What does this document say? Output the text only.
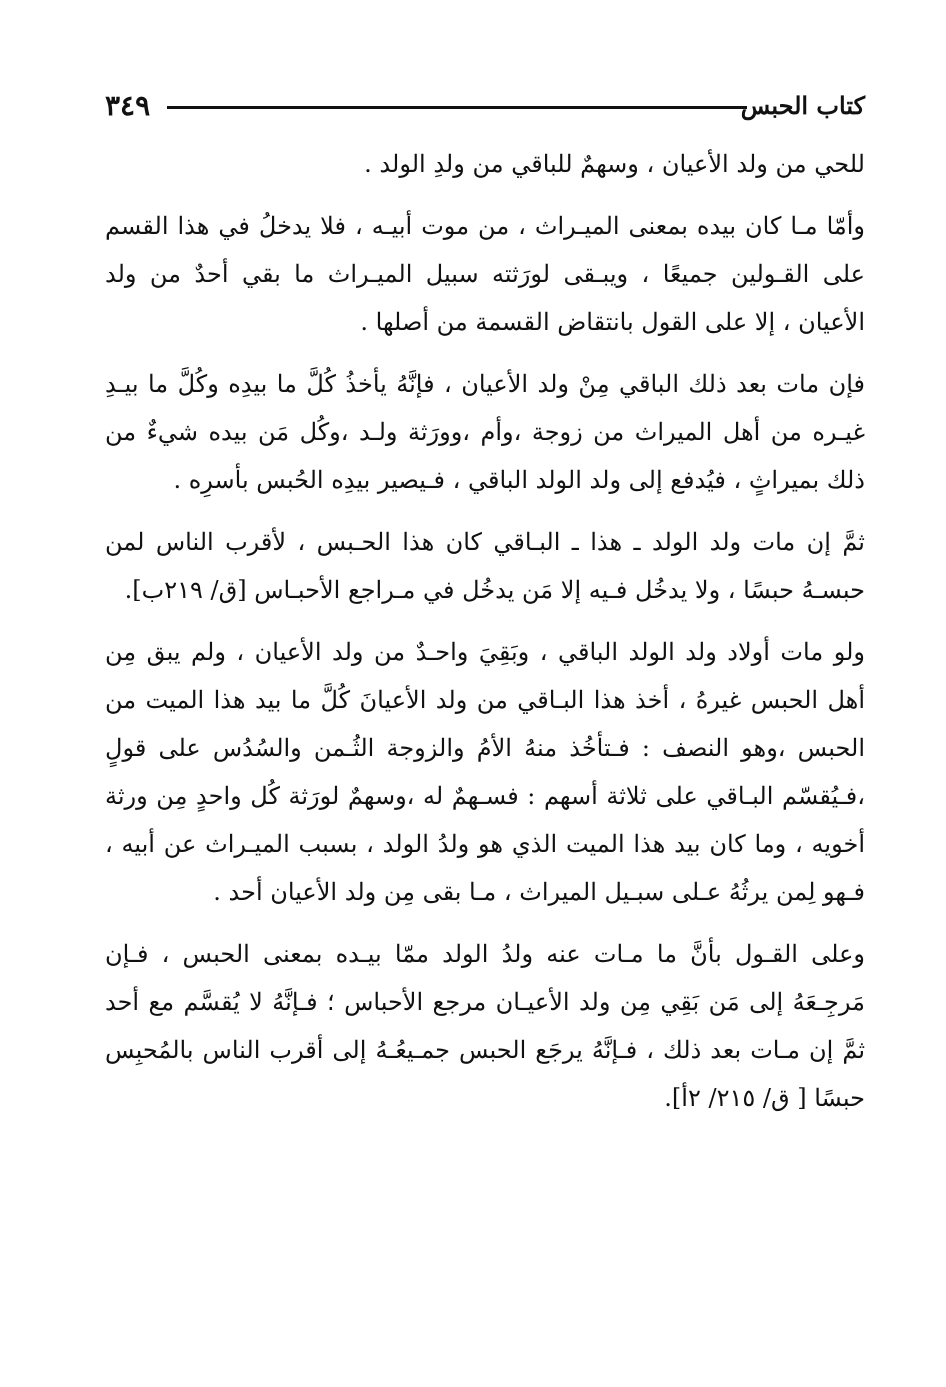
٣٤٩	كتاب الحبس

للحي من ولد الأعيان ، وسهمٌ للباقي من ولدِ الولد .

وأمّا مـا كان بيده بمعنى الميـراث ، من موت أبيـه ، فلا يدخلُ في هذا القسم على القـولين جميعًا ، ويبـقى لورَثته سبيل الميـراث ما بقي أحدٌ من ولد الأعيان ، إلا على القول بانتقاض القسمة من أصلها .

فإن مات بعد ذلك الباقي مِنْ ولد الأعيان ، فإنَّهُ يأخذُ كُلَّ ما بيدِه وكُلَّ ما بيـدِ غيـره من أهل الميراث من زوجة ،وأم ،وورَثة ولـد ،وكُل مَن بيده شيءٌ من ذلك بميراثٍ ، فيُدفع إلى ولد الولد الباقي ، فـيصير بيدِه الحُبس بأسرِه .

ثمَّ إن مات ولد الولد ـ هذا ـ البـاقي كان هذا الحـبس ، لأقرب الناس لمن حبسـهُ حبسًا ، ولا يدخُل فـيه إلا مَن يدخُل في مـراجع الأحبـاس [ق/ ٢١٩ب].

ولو مات أولاد ولد الولد الباقي ، وبَقِيَ واحـدٌ من ولد الأعيان ، ولم يبق مِن أهل الحبس غيرهُ ، أخذ هذا البـاقي من ولد الأعيانَ كُلَّ ما بيد هذا الميت من الحبس ،وهو النصف : فـتأخُذ منهُ الأمُ والزوجة الثُـمن والسُدُس على قولٍ ،فـيُقسّم البـاقي على ثلاثة أسهم : فسـهمٌ له ،وسهمٌ لورَثة كُل واحدٍ مِن ورثة أخويه ، وما كان بيد هذا الميت الذي هو ولدُ الولد ، بسبب الميـراث عن أبيه ، فـهو لِمن يرثُهُ عـلى سبـيل الميراث ، مـا بقى مِن ولد الأعيان أحد .

وعلى القـول بأنَّ ما مـات عنه ولدُ الولد ممّا بيـده بمعنى الحبس ، فـإن مَرجِـعَهُ إلى مَن بَقِي مِن ولد الأعيـان مرجع الأحباس ؛ فـإنَّهُ لا يُقسَّم مع أحد ثمَّ إن مـات بعد ذلك ، فـإنَّهُ يرجَع الحبس جمـيعُـهُ إلى أقرب الناس بالمُحبِس حبسًا [ ق/ ٢١٥/ ٢أ].
